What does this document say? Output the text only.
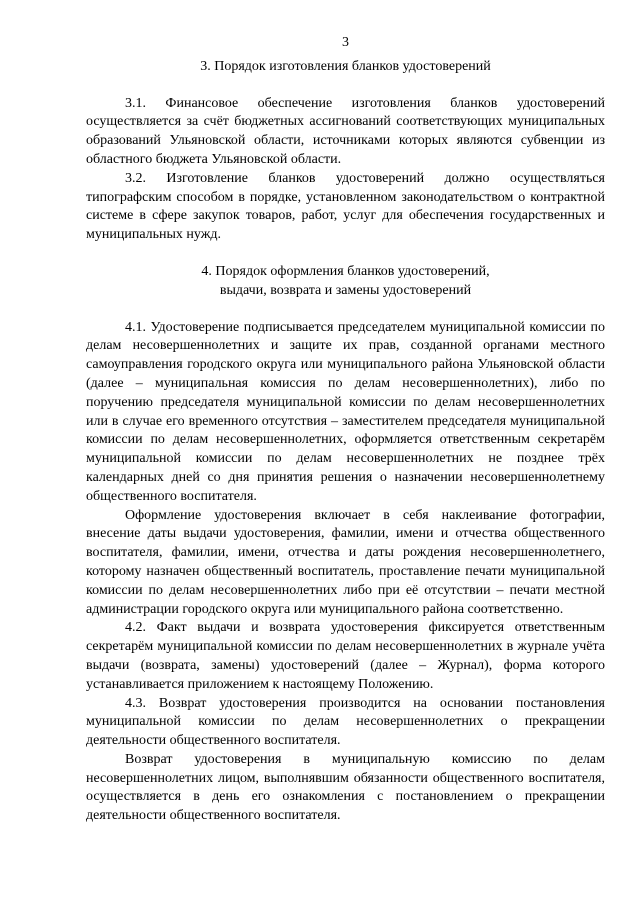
3
3. Порядок изготовления бланков удостоверений

3.1. Финансовое обеспечение изготовления бланков удостоверений осуществляется за счёт бюджетных ассигнований соответствующих муниципальных образований Ульяновской области, источниками которых являются субвенции из областного бюджета Ульяновской области.

3.2. Изготовление бланков удостоверений должно осуществляться типографским способом в порядке, установленном законодательством о контрактной системе в сфере закупок товаров, работ, услуг для обеспечения государственных и муниципальных нужд.

4. Порядок оформления бланков удостоверений,
выдачи, возврата и замены удостоверений

4.1. Удостоверение подписывается председателем муниципальной комиссии по делам несовершеннолетних и защите их прав, созданной органами местного самоуправления городского округа или муниципального района Ульяновской области (далее – муниципальная комиссия по делам несовершеннолетних), либо по поручению председателя муниципальной комиссии по делам несовершеннолетних или в случае его временного отсутствия – заместителем председателя муниципальной комиссии по делам несовершеннолетних, оформляется ответственным секретарём муниципальной комиссии по делам несовершеннолетних не позднее трёх календарных дней со дня принятия решения о назначении несовершеннолетнему общественного воспитателя.

Оформление удостоверения включает в себя наклеивание фотографии, внесение даты выдачи удостоверения, фамилии, имени и отчества общественного воспитателя, фамилии, имени, отчества и даты рождения несовершеннолетнего, которому назначен общественный воспитатель, проставление печати муниципальной комиссии по делам несовершеннолетних либо при её отсутствии – печати местной администрации городского округа или муниципального района соответственно.

4.2. Факт выдачи и возврата удостоверения фиксируется ответственным секретарём муниципальной комиссии по делам несовершеннолетних в журнале учёта выдачи (возврата, замены) удостоверений (далее – Журнал), форма которого устанавливается приложением к настоящему Положению.

4.3. Возврат удостоверения производится на основании постановления муниципальной комиссии по делам несовершеннолетних о прекращении деятельности общественного воспитателя.

Возврат удостоверения в муниципальную комиссию по делам несовершеннолетних лицом, выполнявшим обязанности общественного воспитателя, осуществляется в день его ознакомления с постановлением о прекращении деятельности общественного воспитателя.
